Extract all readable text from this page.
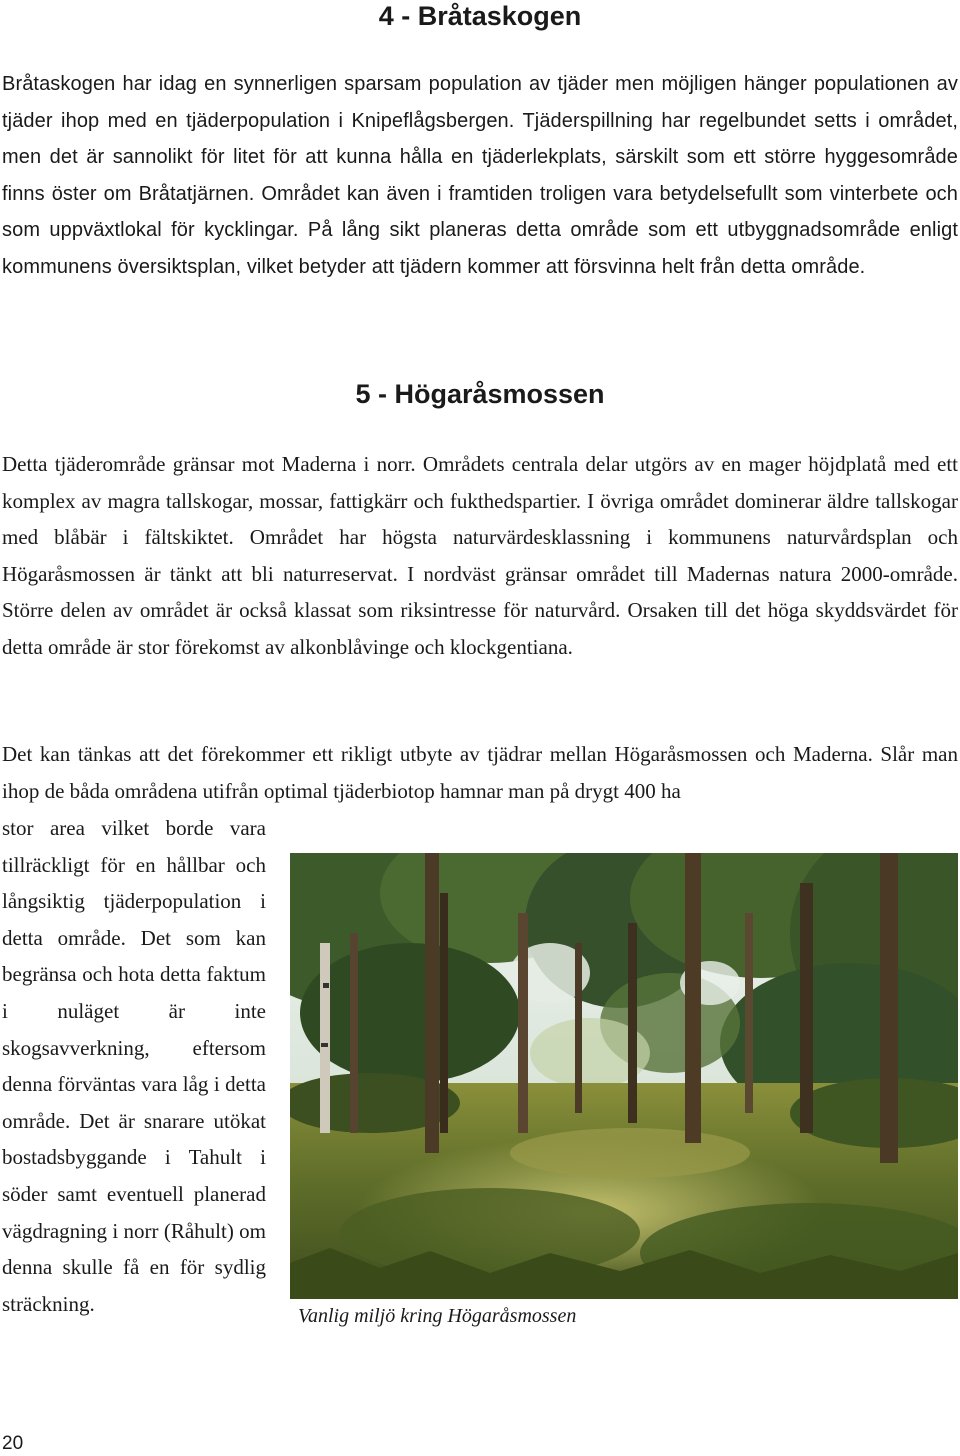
4 - Bråtaskogen

Bråtaskogen har idag en synnerligen sparsam population av tjäder men möjligen hänger populationen av tjäder ihop med en tjäderpopulation i Knipeflågsbergen. Tjäderspillning har regelbundet setts i området, men det är sannolikt för litet för att kunna hålla en tjäderlekplats, särskilt som ett större hyggesområde finns öster om Bråtatjärnen. Området kan även i framtiden troligen vara betydelsefullt som vinterbete och som uppväxtlokal för kycklingar. På lång sikt planeras detta område som ett utbyggnadsområde enligt kommunens översiktsplan, vilket betyder att tjädern kommer att försvinna helt från detta område.

5 - Högaråsmossen

Detta tjäderområde gränsar mot Maderna i norr. Områdets centrala delar utgörs av en mager höjdplatå med ett komplex av magra tallskogar, mossar, fattigkärr och fukthedspartier. I övriga området dominerar äldre tallskogar med blåbär i fältskiktet. Området har högsta naturvärdesklassning i kommunens naturvårdsplan och Högaråsmossen är tänkt att bli naturreservat. I nordväst gränsar området till Madernas natura 2000-område. Större delen av området är också klassat som riksintresse för naturvård. Orsaken till det höga skyddsvärdet för detta område är stor förekomst av alkonblåvinge och klockgentiana.

Det kan tänkas att det förekommer ett rikligt utbyte av tjädrar mellan Högaråsmossen och Maderna. Slår man ihop de båda områdena utifrån optimal tjäderbiotop hamnar man på drygt 400 ha

stor area vilket borde vara tillräckligt för en hållbar och långsiktig tjäderpopulation i detta område. Det som kan begränsa och hota detta faktum i nuläget är inte skogsavverkning, eftersom denna förväntas vara låg i detta område. Det är snarare utökat bostadsbyggande i Tahult i söder samt eventuell planerad vägdragning i norr (Råhult) om denna skulle få en för sydlig sträckning.

Vanlig miljö kring Högaråsmossen

20
